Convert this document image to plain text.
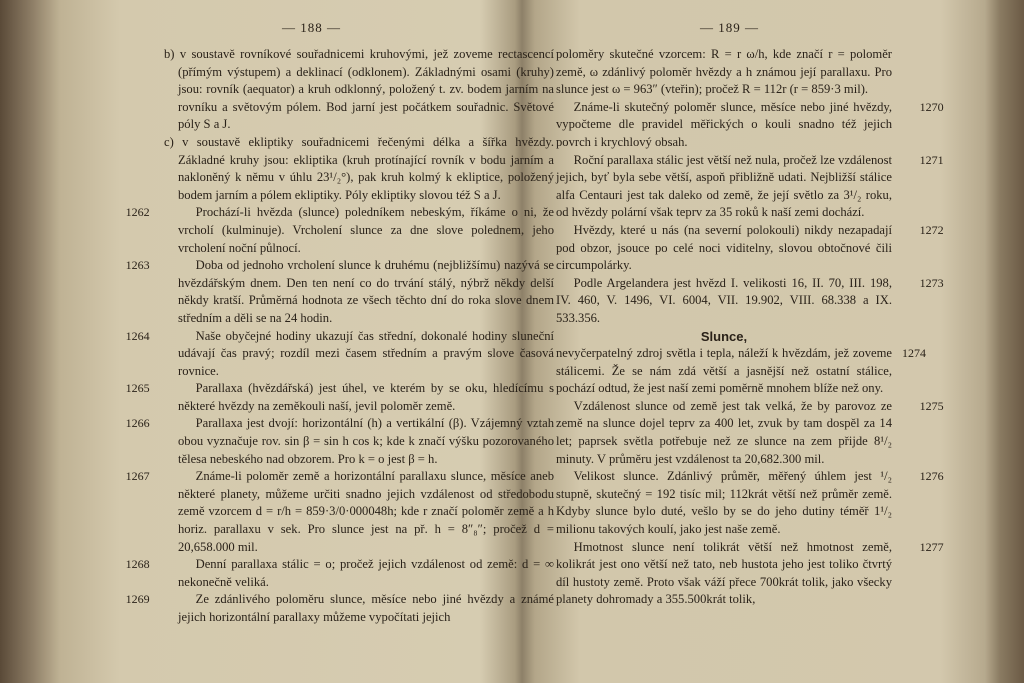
— 188 —

b) v soustavě rovníkové souřadnicemi kruhovými, jež zoveme rectascencí (přímým výstupem) a deklinací (odklonem). Základnými osami (kruhy) jsou: rovník (aequator) a kruh odklonný, položený t. zv. bodem jarním na rovníku a světovým pólem. Bod jarní jest počátkem souřadnic. Světové póly S a J.

c) v soustavě ekliptiky souřadnicemi řečenými délka a šířka hvězdy. Základné kruhy jsou: ekliptika (kruh protínající rovník v bodu jarním a nakloněný k němu v úhlu 23¹/₂°), pak kruh kolmý k ekliptice, položený bodem jarním a pólem ekliptiky. Póly ekliptiky slovou též S a J.

1262	Prochází-li hvězda (slunce) poledníkem nebeským, říkáme o ni, že vrcholí (kulminuje). Vrcholení slunce za dne slove polednem, jeho vrcholení noční půlnocí.

1263	Doba od jednoho vrcholení slunce k druhému (nejbližšímu) nazývá se hvězdářským dnem. Den ten není co do trvání stálý, nýbrž někdy delší někdy kratší. Průměrná hodnota ze všech těchto dní do roka slove dnem středním a děli se na 24 hodin.

1264	Naše obyčejné hodiny ukazují čas střední, dokonalé hodiny sluneční udávají čas pravý; rozdíl mezi časem středním a pravým slove časová rovnice.

1265	Parallaxa (hvězdářská) jest úhel, ve kterém by se oku, hledícímu s některé hvězdy na zeměkouli naší, jevil poloměr země.

1266	Parallaxa jest dvojí: horizontální (h) a vertikální (β). Vzájemný vztah obou vyznačuje rov. sin β = sin h cos k; kde k značí výšku pozorovaného tělesa nebeského nad obzorem. Pro k = o jest β = h.

1267	Známe-li poloměr země a horizontální parallaxu slunce, měsíce aneb některé planety, můžeme určiti snadno jejich vzdálenost od středobodu země vzorcem d = r/h = 859·3/0·000048h; kde r značí poloměr země a h horiz. parallaxu v sek. Pro slunce jest na př. h = 8″₈″; pročež d = 20,658.000 mil.

1268	Denní parallaxa stálic = o; pročež jejich vzdálenost od země: d = ∞ nekonečně veliká.

1269	Ze zdánlivého poloměru slunce, měsíce nebo jiné hvězdy a známé jejich horizontální parallaxy můžeme vypočítati jejich

— 189 —

poloměry skutečné vzorcem: R = r ω/h, kde značí r = poloměr země, ω zdánlivý poloměr hvězdy a h známou její parallaxu. Pro slunce jest ω = 963″ (vteřin); pročež R = 112r (r = 859·3 mil).

1270
Známe-li skutečný poloměr slunce, měsíce nebo jiné hvězdy, vypočteme dle pravidel měřických o kouli snadno též jejich povrch i krychlový obsah.

1271
Roční parallaxa stálic jest větší než nula, pročež lze vzdálenost jejich, byť byla sebe větší, aspoň přibližně udati. Nejbližší stálice alfa Centauri jest tak daleko od země, že její světlo za 3¹/₂ roku, od hvězdy polární však teprv za 35 roků k naší zemi dochází.

1272
Hvězdy, které u nás (na severní polokouli) nikdy nezapadají pod obzor, jsouce po celé noci viditelny, slovou obtočnové čili circumpolárky.

1273
Podle Argelandera jest hvězd I. velikosti 16, II. 70, III. 198, IV. 460, V. 1496, VI. 6004, VII. 19.902, VIII. 68.338 a IX. 533.356.

Slunce,

1274
nevyčerpatelný zdroj světla i tepla, náleží k hvězdám, jež zoveme stálicemi. Že se nám zdá větší a jasnější než ostatní stálice, pochází odtud, že jest naší zemi poměrně mnohem blíže než ony.

1275
Vzdálenost slunce od země jest tak velká, že by parovoz ze země na slunce dojel teprv za 400 let, zvuk by tam dospěl za 14 let; paprsek světla potřebuje než ze slunce na zem přijde 8¹/₂ minuty. V průměru jest vzdálenost ta 20,682.300 mil.

1276
Velikost slunce. Zdánlivý průměr, měřený úhlem jest ¹/₂ stupně, skutečný = 192 tisíc mil; 112krát větší než průměr země. Kdyby slunce bylo duté, vešlo by se do jeho dutiny téměř 1¹/₂ milionu takových koulí, jako jest naše země.

1277
Hmotnost slunce není tolikrát větší než hmotnost země, kolikrát jest ono větší než tato, neb hustota jeho jest toliko čtvrtý díl hustoty země. Proto však váží přece 700krát tolik, jako všecky planety dohromady a 355.500krát tolik,
